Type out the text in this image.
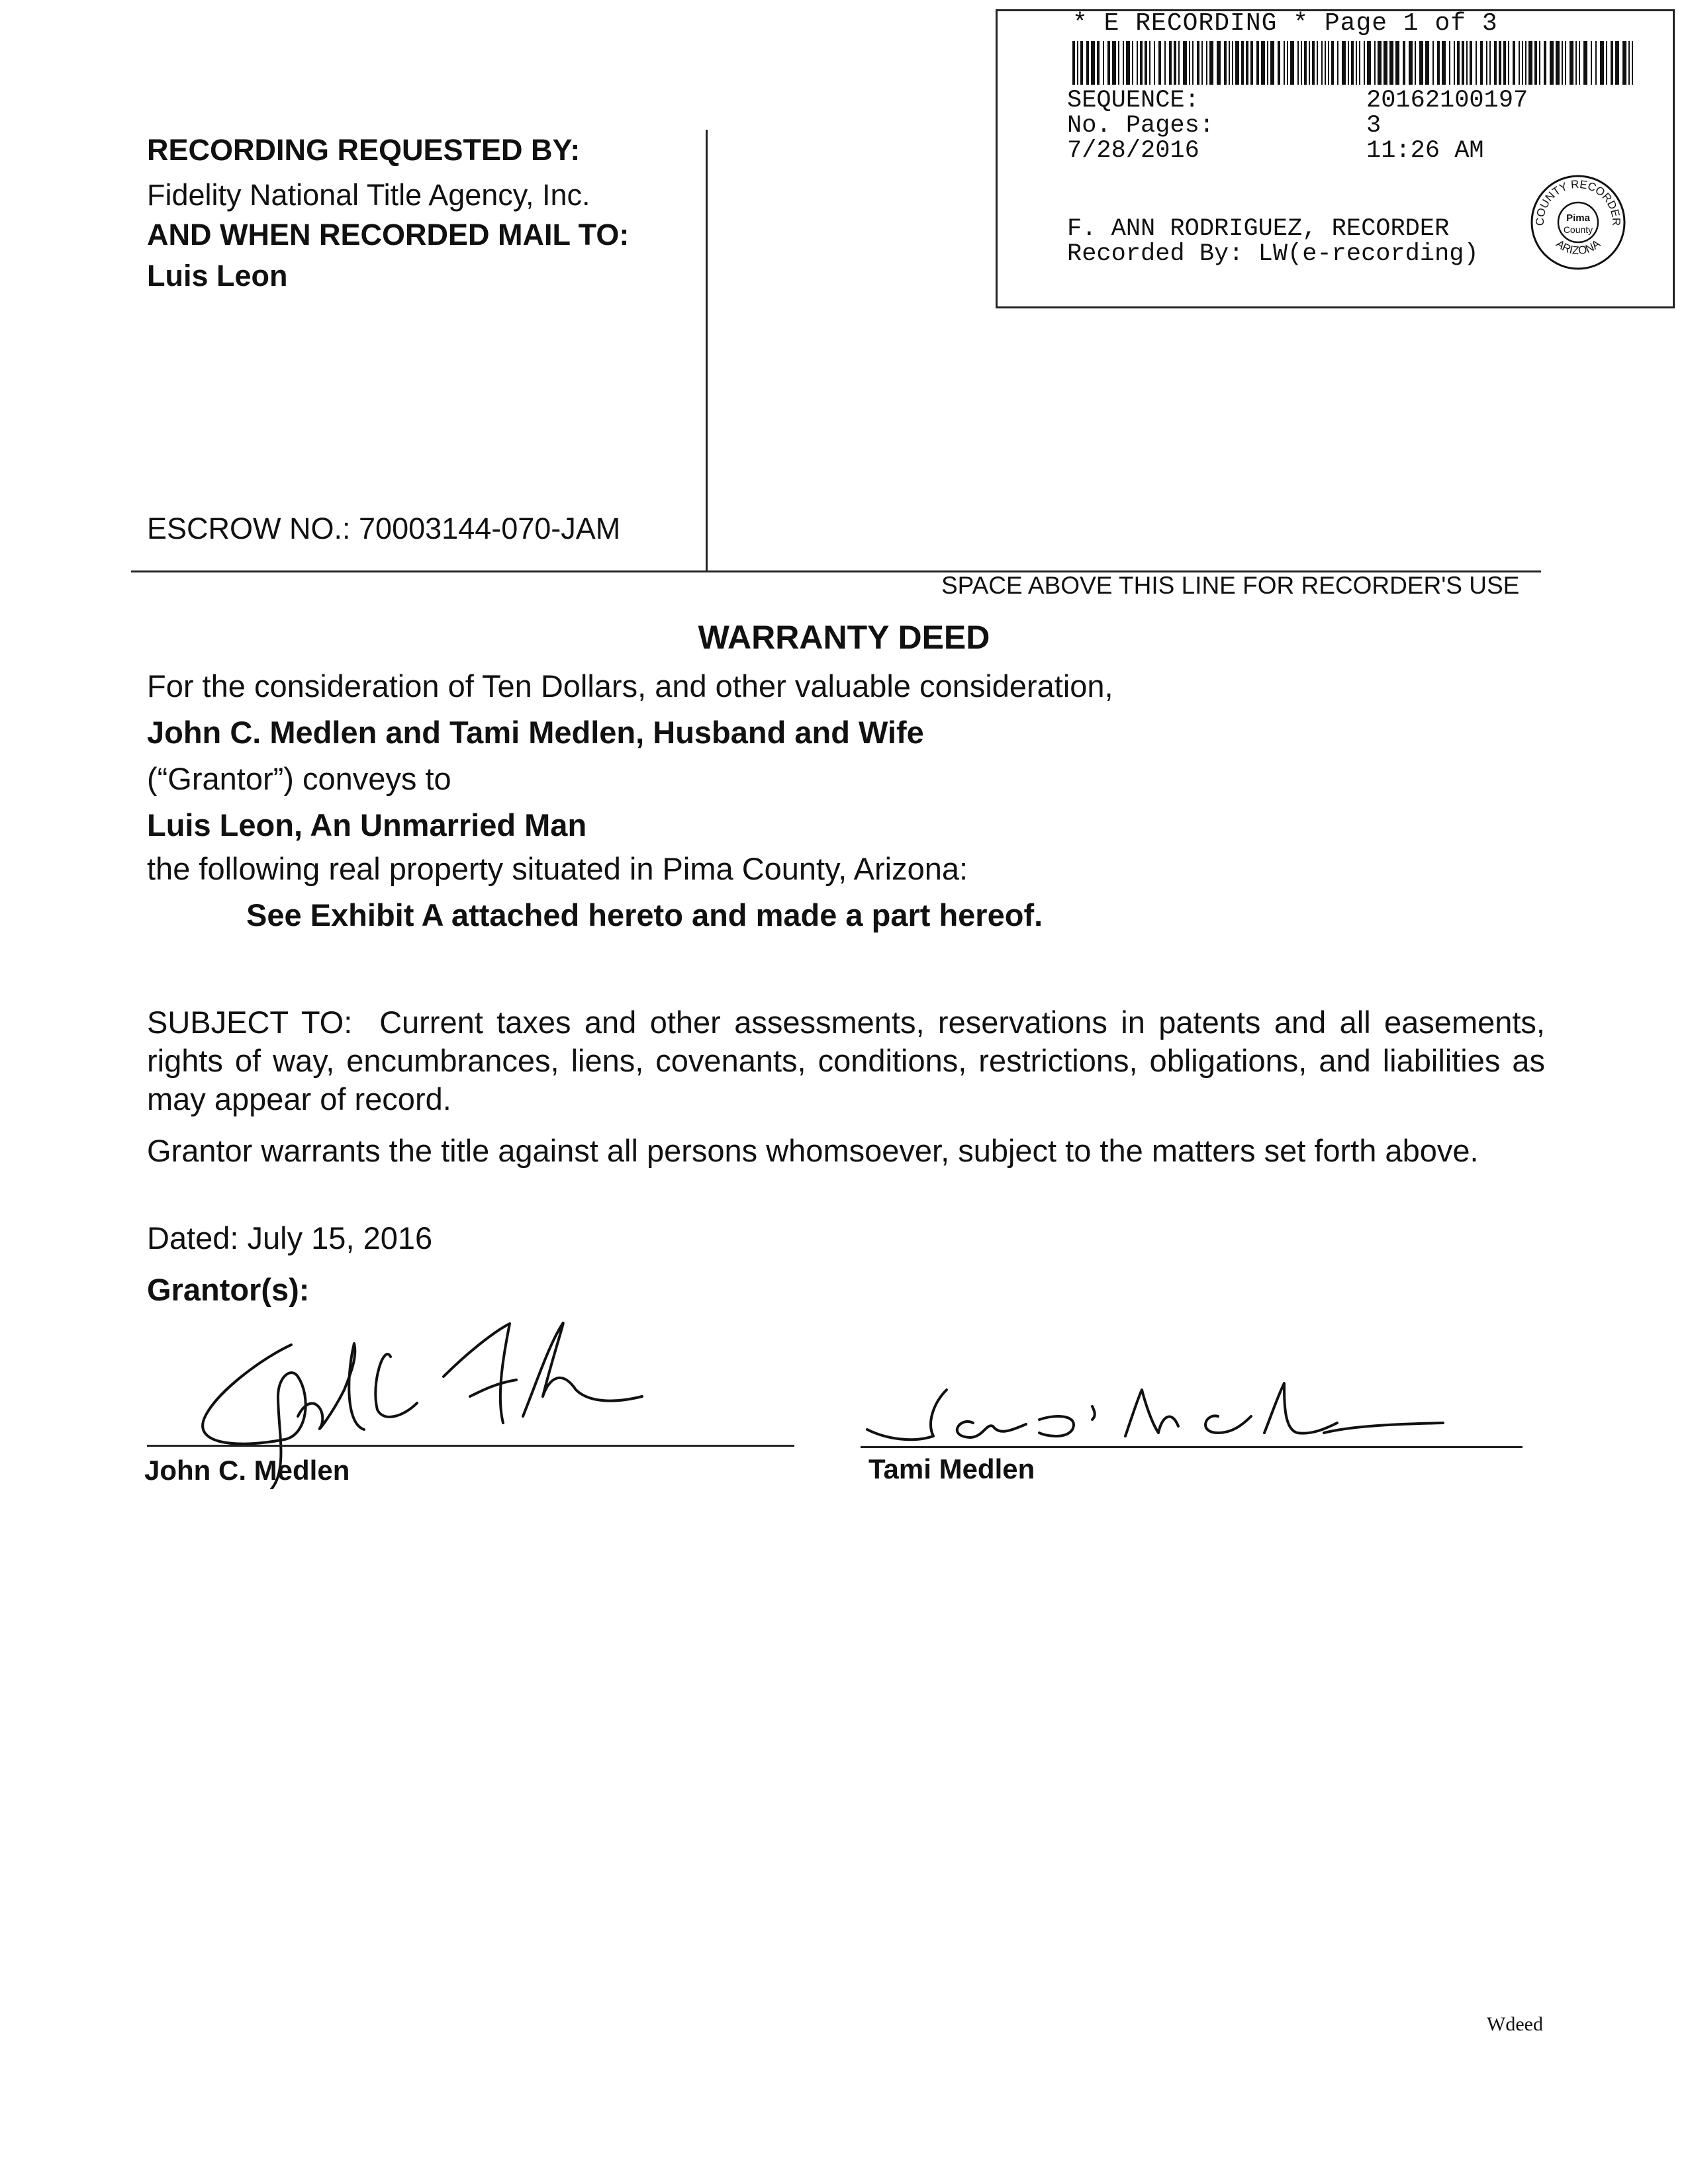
* E RECORDING * Page 1 of 3
SEQUENCE:	20162100197
No. Pages:	3
7/28/2016	11:26 AM
F. ANN RODRIGUEZ, RECORDER
Recorded By: LW(e-recording)
COUNTY RECORDER
ARIZONA
Pima
County
RECORDING REQUESTED BY:
Fidelity National Title Agency, Inc.
AND WHEN RECORDED MAIL TO:
Luis Leon
ESCROW NO.: 70003144-070-JAM
SPACE ABOVE THIS LINE FOR RECORDER'S USE
WARRANTY DEED
For the consideration of Ten Dollars, and other valuable consideration,
John C. Medlen and Tami Medlen, Husband and Wife
(“Grantor”) conveys to
Luis Leon, An Unmarried Man
the following real property situated in Pima County, Arizona:
See Exhibit A attached hereto and made a part hereof.
SUBJECT TO:  Current taxes and other assessments, reservations in patents and all easements, rights of way, encumbrances, liens, covenants, conditions, restrictions, obligations, and liabilities as may appear of record.
Grantor warrants the title against all persons whomsoever, subject to the matters set forth above.
Dated: July 15, 2016
Grantor(s):
John C. Medlen	Tami Medlen
Wdeed
